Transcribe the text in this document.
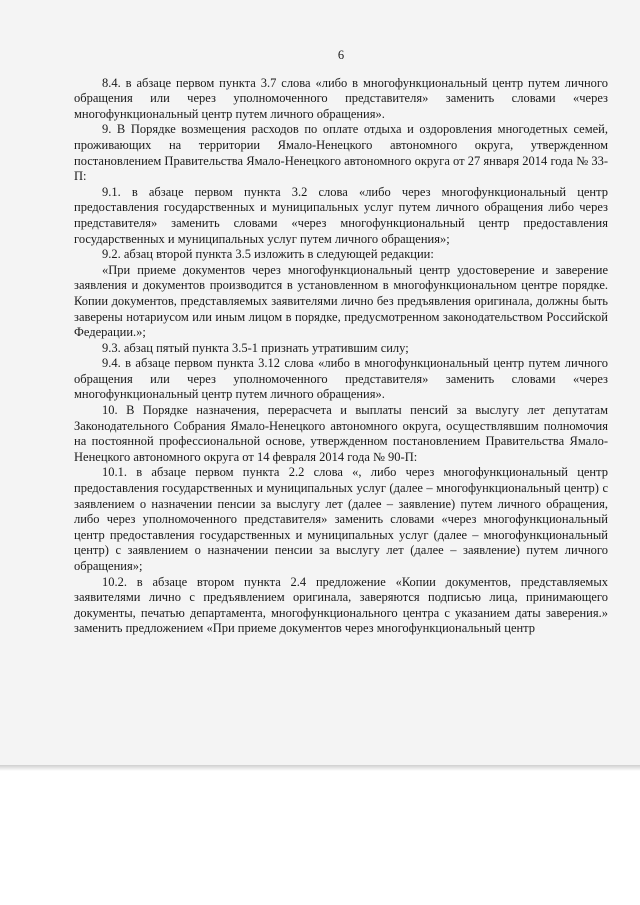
6

8.4. в абзаце первом пункта 3.7 слова «либо в многофункциональный центр путем личного обращения или через уполномоченного представителя» заменить словами «через многофункциональный центр путем личного обращения».

9. В Порядке возмещения расходов по оплате отдыха и оздоровления многодетных семей, проживающих на территории Ямало-Ненецкого автономного округа, утвержденном постановлением Правительства Ямало-Ненецкого автономного округа от 27 января 2014 года № 33-П:

9.1. в абзаце первом пункта 3.2 слова «либо через многофункциональный центр предоставления государственных и муниципальных услуг путем личного обращения либо через представителя» заменить словами «через многофункциональный центр предоставления государственных и муниципальных услуг путем личного обращения»;

9.2. абзац второй пункта 3.5 изложить в следующей редакции:

«При приеме документов через многофункциональный центр удостоверение и заверение заявления и документов производится в установленном в многофункциональном центре порядке. Копии документов, представляемых заявителями лично без предъявления оригинала, должны быть заверены нотариусом или иным лицом в порядке, предусмотренном законодательством Российской Федерации.»;

9.3. абзац пятый пункта 3.5-1 признать утратившим силу;

9.4. в абзаце первом пункта 3.12 слова «либо в многофункциональный центр путем личного обращения или через уполномоченного представителя» заменить словами «через многофункциональный центр путем личного обращения».

10. В Порядке назначения, перерасчета и выплаты пенсий за выслугу лет депутатам Законодательного Собрания Ямало-Ненецкого автономного округа, осуществлявшим полномочия на постоянной профессиональной основе, утвержденном постановлением Правительства Ямало-Ненецкого автономного округа от 14 февраля 2014 года № 90-П:

10.1. в абзаце первом пункта 2.2 слова «, либо через многофункциональный центр предоставления государственных и муниципальных услуг (далее – многофункциональный центр) с заявлением о назначении пенсии за выслугу лет (далее – заявление) путем личного обращения, либо через уполномоченного представителя» заменить словами «через многофункциональный центр предоставления государственных и муниципальных услуг (далее – многофункциональный центр) с заявлением о назначении пенсии за выслугу лет (далее – заявление) путем личного обращения»;

10.2. в абзаце втором пункта 2.4 предложение «Копии документов, представляемых заявителями лично с предъявлением оригинала, заверяются подписью лица, принимающего документы, печатью департамента, многофункционального центра с указанием даты заверения.» заменить предложением «При приеме документов через многофункциональный центр
